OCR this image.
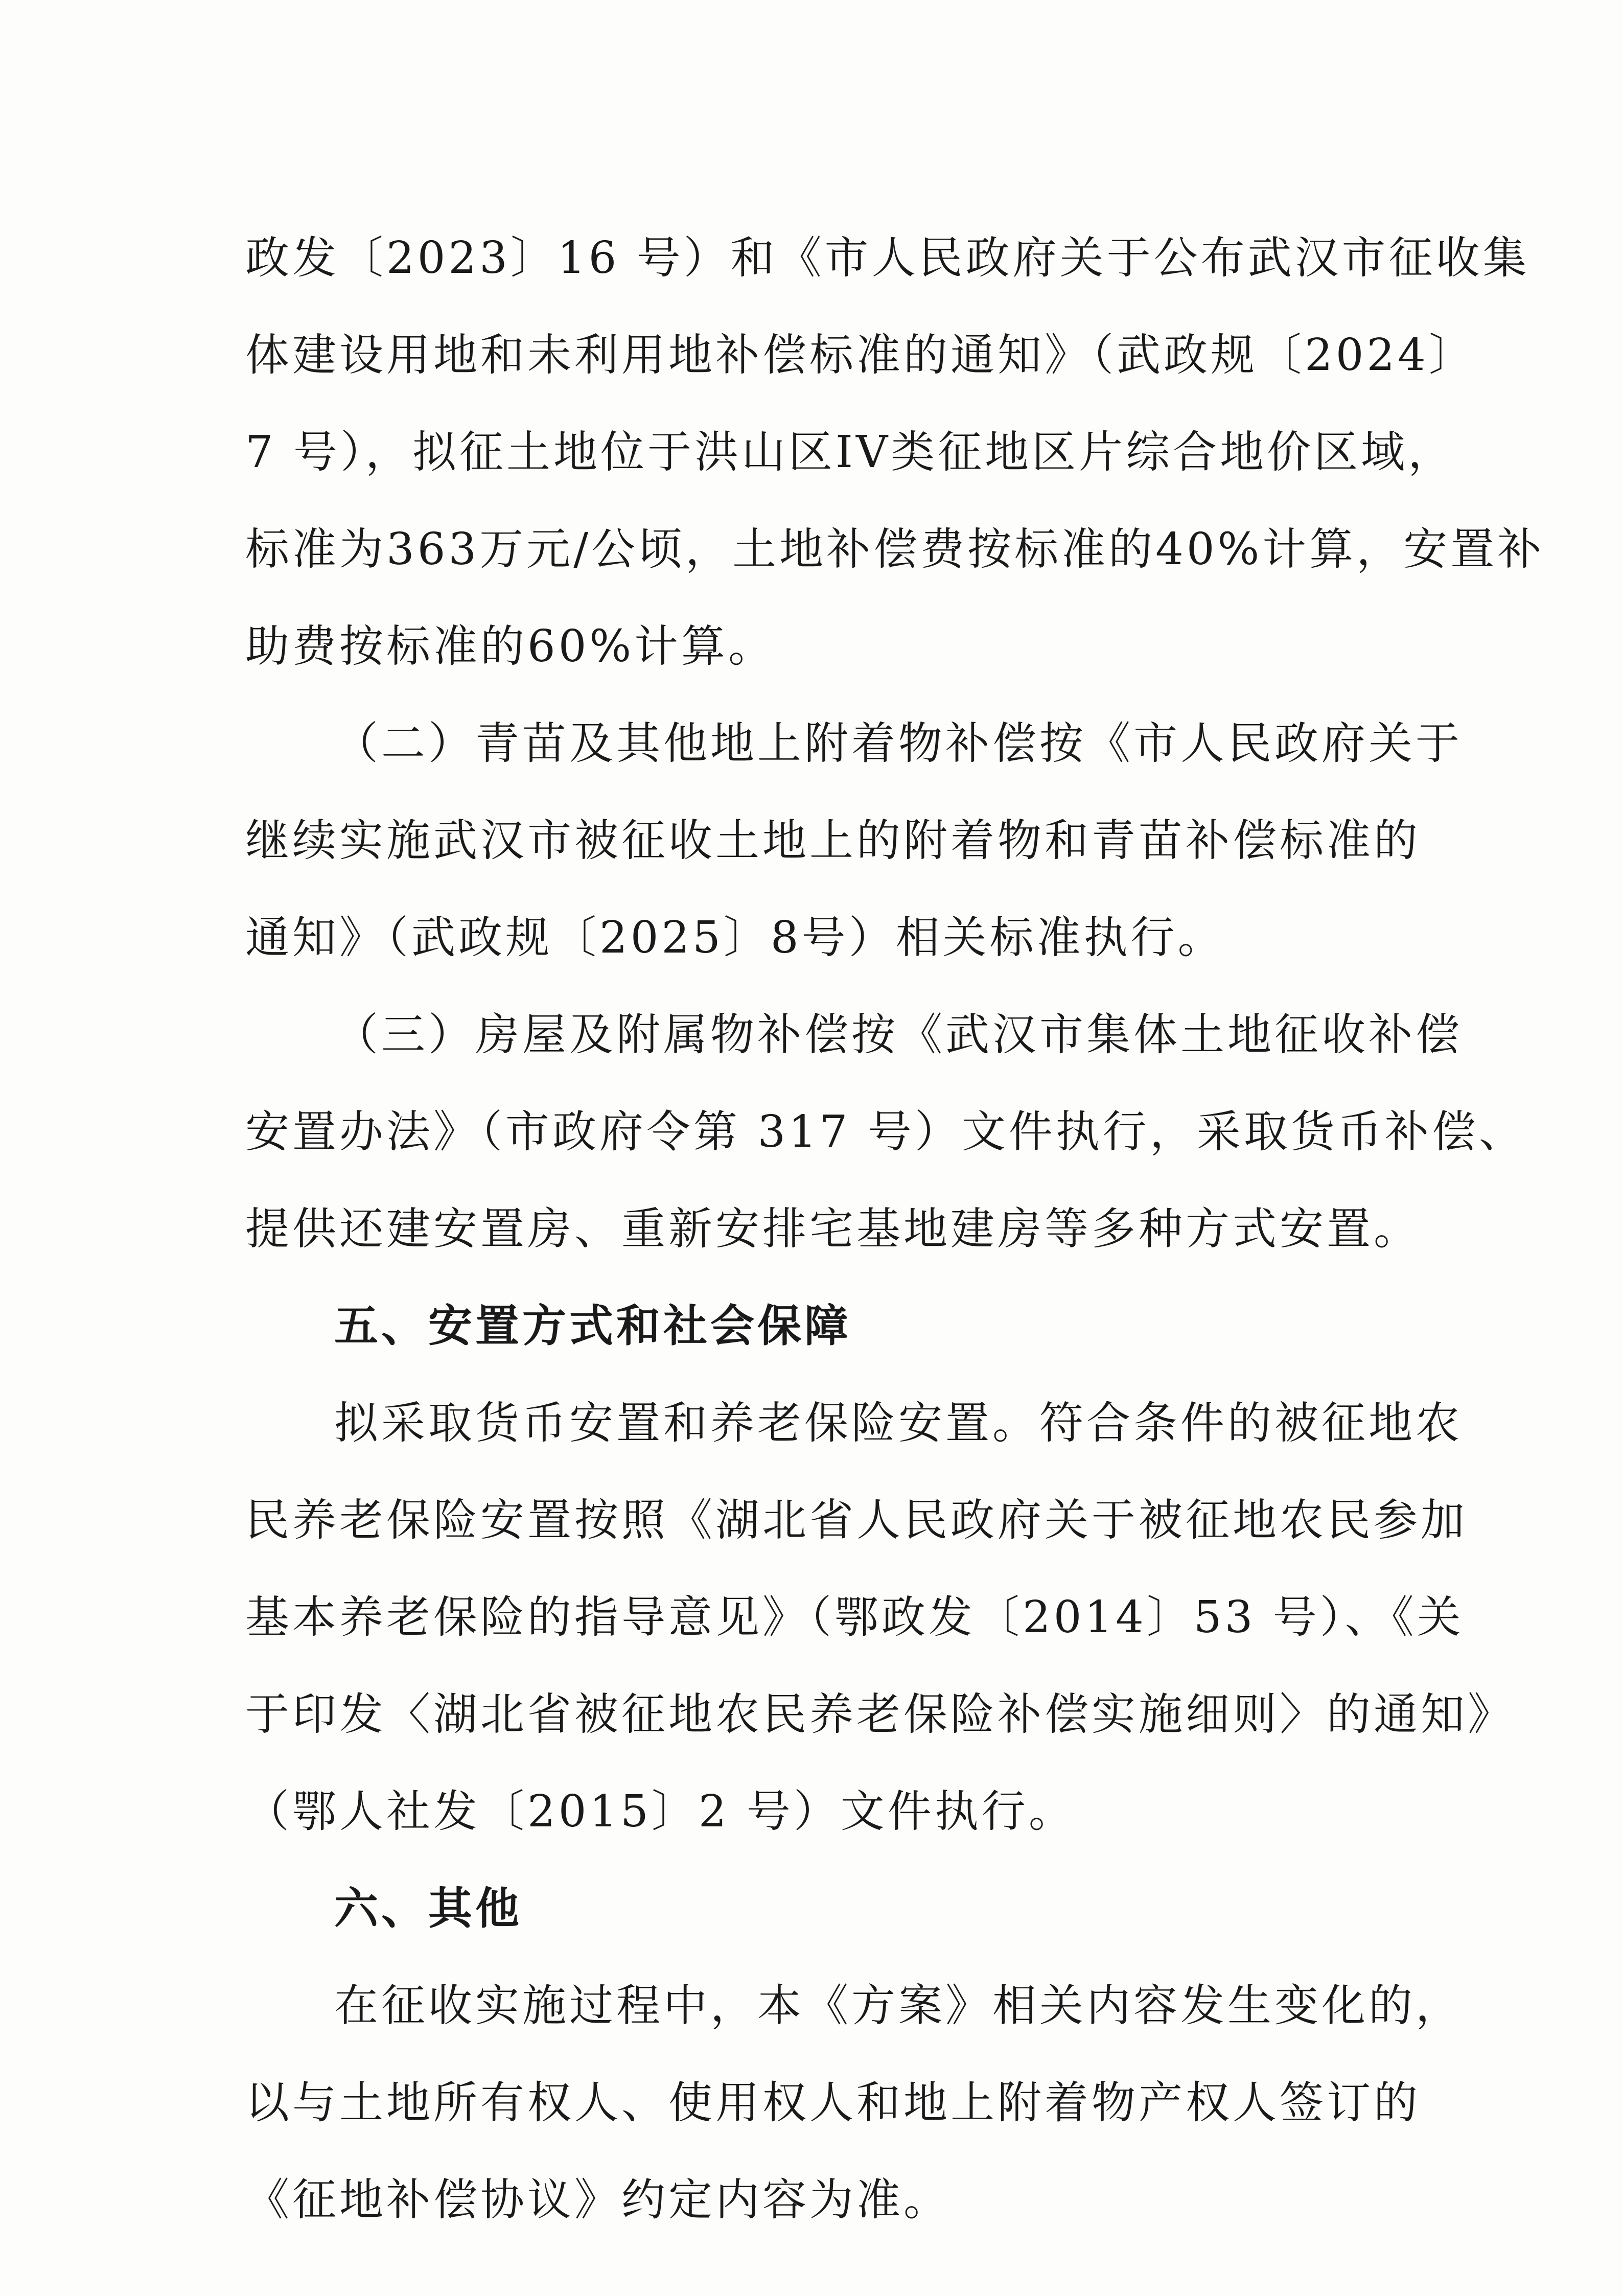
政发〔2023〕16 号）和《市人民政府关于公布武汉市征收集
体建设用地和未利用地补偿标准的通知》（武政规〔2024〕
7 号），拟征土地位于洪山区IV类征地区片综合地价区域，
标准为363万元/公顷，土地补偿费按标准的40%计算，安置补
助费按标准的60%计算。
（二）青苗及其他地上附着物补偿按《市人民政府关于
继续实施武汉市被征收土地上的附着物和青苗补偿标准的
通知》（武政规〔2025〕8号）相关标准执行。
（三）房屋及附属物补偿按《武汉市集体土地征收补偿
安置办法》（市政府令第 317 号）文件执行，采取货币补偿、
提供还建安置房、重新安排宅基地建房等多种方式安置。
五、安置方式和社会保障
拟采取货币安置和养老保险安置。符合条件的被征地农
民养老保险安置按照《湖北省人民政府关于被征地农民参加
基本养老保险的指导意见》（鄂政发〔2014〕53 号）、《关
于印发〈湖北省被征地农民养老保险补偿实施细则〉的通知》
（鄂人社发〔2015〕2 号）文件执行。
六、其他
在征收实施过程中，本《方案》相关内容发生变化的，
以与土地所有权人、使用权人和地上附着物产权人签订的
《征地补偿协议》约定内容为准。
